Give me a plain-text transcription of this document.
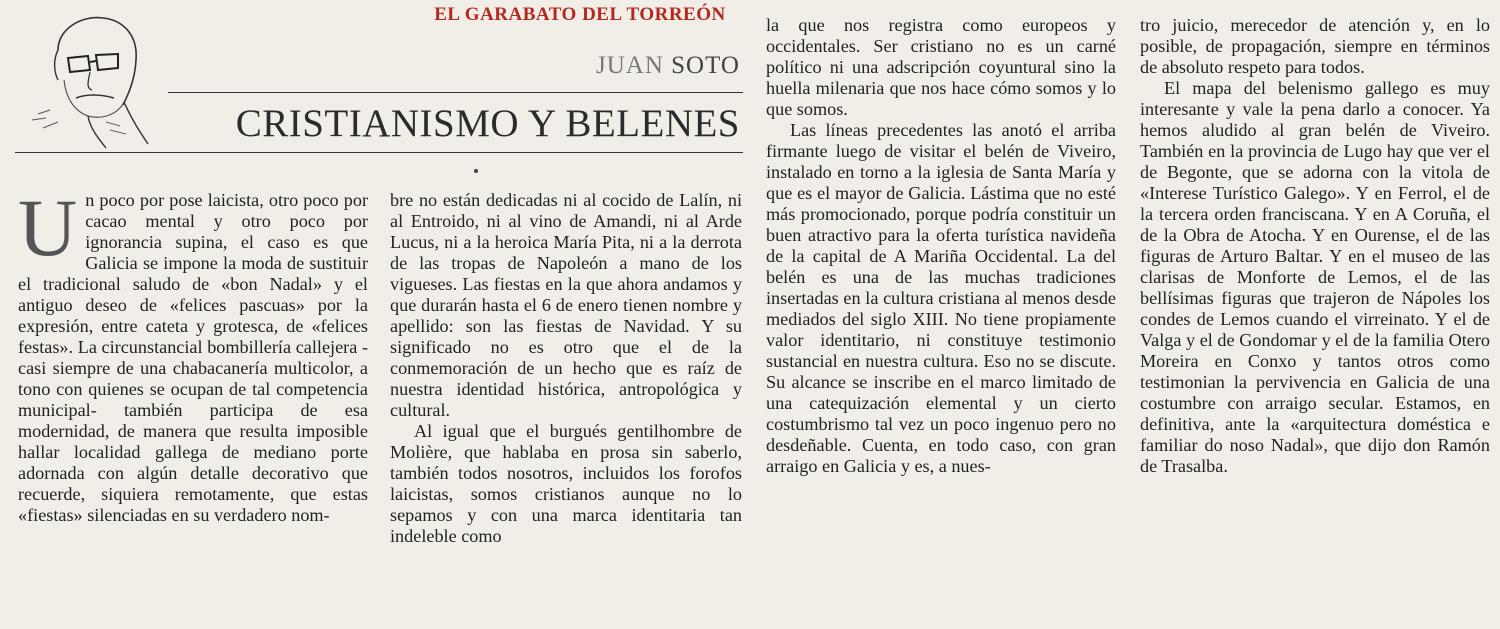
EL GARABATO DEL TORREÓN
JUAN SOTO
CRISTIANISMO Y BELENES

Un poco por pose laicista, otro poco por cacao mental y otro poco por ignorancia supina, el caso es que Galicia se impone la moda de sustituir el tradicional saludo de «bon Nadal» y el antiguo deseo de «felices pascuas» por la expresión, entre cateta y grotesca, de «felices festas». La circunstancial bombillería callejera -casi siempre de una chabacanería multicolor, a tono con quienes se ocupan de tal competencia municipal- también participa de esa modernidad, de manera que resulta imposible hallar localidad gallega de mediano porte adornada con algún detalle decorativo que recuerde, siquiera remotamente, que estas «fiestas» silenciadas en su verdadero nom-

bre no están dedicadas ni al cocido de Lalín, ni al Entroido, ni al vino de Amandi, ni al Arde Lucus, ni a la heroica María Pita, ni a la derrota de las tropas de Napoleón a mano de los vigueses. Las fiestas en la que ahora andamos y que durarán hasta el 6 de enero tienen nombre y apellido: son las fiestas de Navidad. Y su significado no es otro que el de la conmemoración de un hecho que es raíz de nuestra identidad histórica, antropológica y cultural.

Al igual que el burgués gentilhombre de Molière, que hablaba en prosa sin saberlo, también todos nosotros, incluidos los forofos laicistas, somos cristianos aunque no lo sepamos y con una marca identitaria tan indeleble como

la que nos registra como europeos y occidentales. Ser cristiano no es un carné político ni una adscripción coyuntural sino la huella milenaria que nos hace cómo somos y lo que somos.

Las líneas precedentes las anotó el arriba firmante luego de visitar el belén de Viveiro, instalado en torno a la iglesia de Santa María y que es el mayor de Galicia. Lástima que no esté más promocionado, porque podría constituir un buen atractivo para la oferta turística navideña de la capital de A Mariña Occidental. La del belén es una de las muchas tradiciones insertadas en la cultura cristiana al menos desde mediados del siglo XIII. No tiene propiamente valor identitario, ni constituye testimonio sustancial en nuestra cultura. Eso no se discute. Su alcance se inscribe en el marco limitado de una catequización elemental y un cierto costumbrismo tal vez un poco ingenuo pero no desdeñable. Cuenta, en todo caso, con gran arraigo en Galicia y es, a nues-

tro juicio, merecedor de atención y, en lo posible, de propagación, siempre en términos de absoluto respeto para todos.

El mapa del belenismo gallego es muy interesante y vale la pena darlo a conocer. Ya hemos aludido al gran belén de Viveiro. También en la provincia de Lugo hay que ver el de Begonte, que se adorna con la vitola de «Interese Turístico Galego». Y en Ferrol, el de la tercera orden franciscana. Y en A Coruña, el de la Obra de Atocha. Y en Ourense, el de las figuras de Arturo Baltar. Y en el museo de las clarisas de Monforte de Lemos, el de las bellísimas figuras que trajeron de Nápoles los condes de Lemos cuando el virreinato. Y el de Valga y el de Gondomar y el de la familia Otero Moreira en Conxo y tantos otros como testimonian la pervivencia en Galicia de una costumbre con arraigo secular. Estamos, en definitiva, ante la «arquitectura doméstica e familiar do noso Nadal», que dijo don Ramón de Trasalba.
